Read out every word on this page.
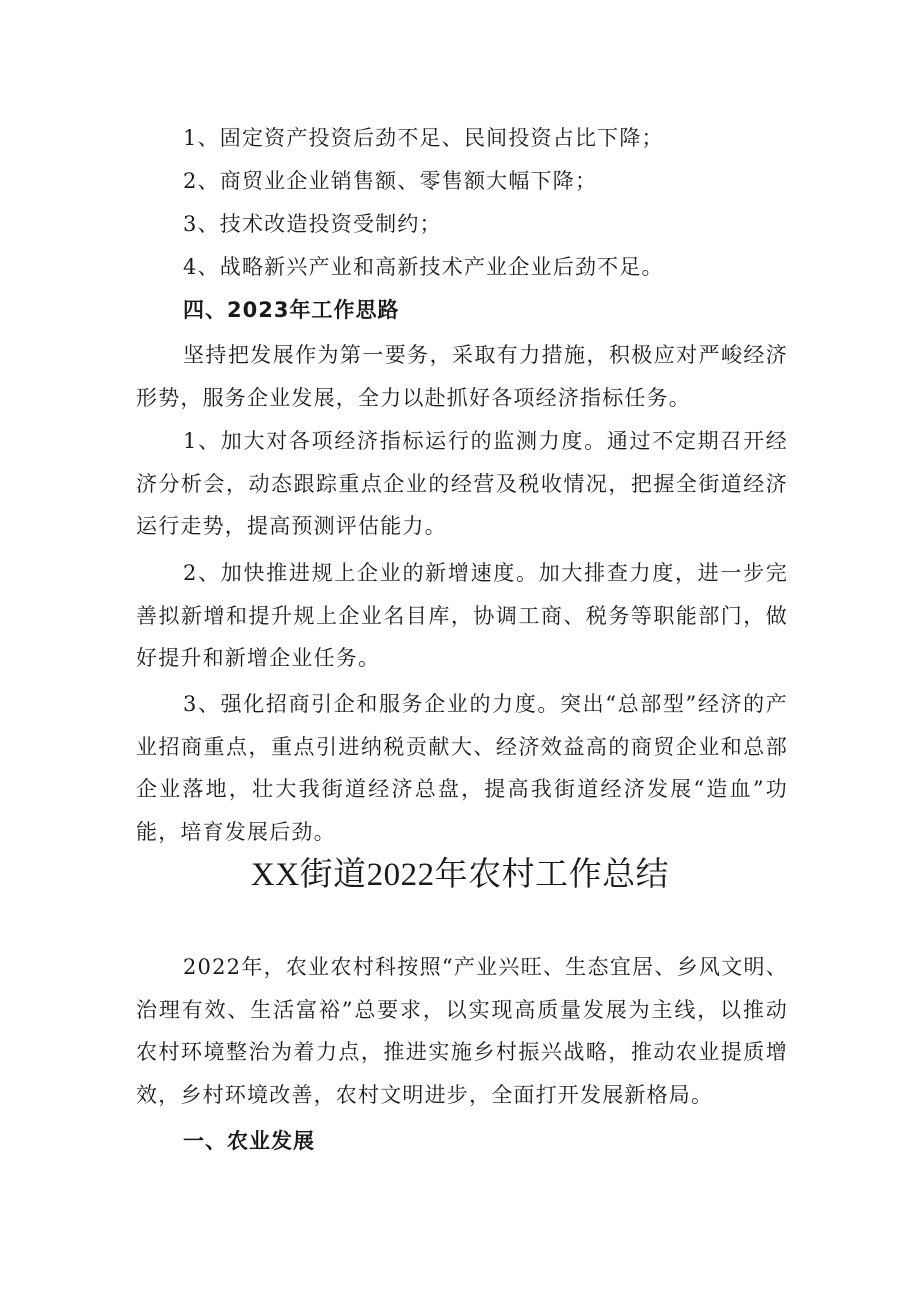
1、固定资产投资后劲不足、民间投资占比下降；

2、商贸业企业销售额、零售额大幅下降；

3、技术改造投资受制约；

4、战略新兴产业和高新技术产业企业后劲不足。

四、2023年工作思路

坚持把发展作为第一要务，采取有力措施，积极应对严峻经济形势，服务企业发展，全力以赴抓好各项经济指标任务。

1、加大对各项经济指标运行的监测力度。通过不定期召开经济分析会，动态跟踪重点企业的经营及税收情况，把握全街道经济运行走势，提高预测评估能力。

2、加快推进规上企业的新增速度。加大排查力度，进一步完善拟新增和提升规上企业名目库，协调工商、税务等职能部门，做好提升和新增企业任务。

3、强化招商引企和服务企业的力度。突出“总部型”经济的产业招商重点，重点引进纳税贡献大、经济效益高的商贸企业和总部企业落地，壮大我街道经济总盘，提高我街道经济发展“造血”功能，培育发展后劲。

XX街道2022年农村工作总结

2022年，农业农村科按照“产业兴旺、生态宜居、乡风文明、治理有效、生活富裕”总要求，以实现高质量发展为主线，以推动农村环境整治为着力点，推进实施乡村振兴战略，推动农业提质增效，乡村环境改善，农村文明进步，全面打开发展新格局。

一、农业发展
